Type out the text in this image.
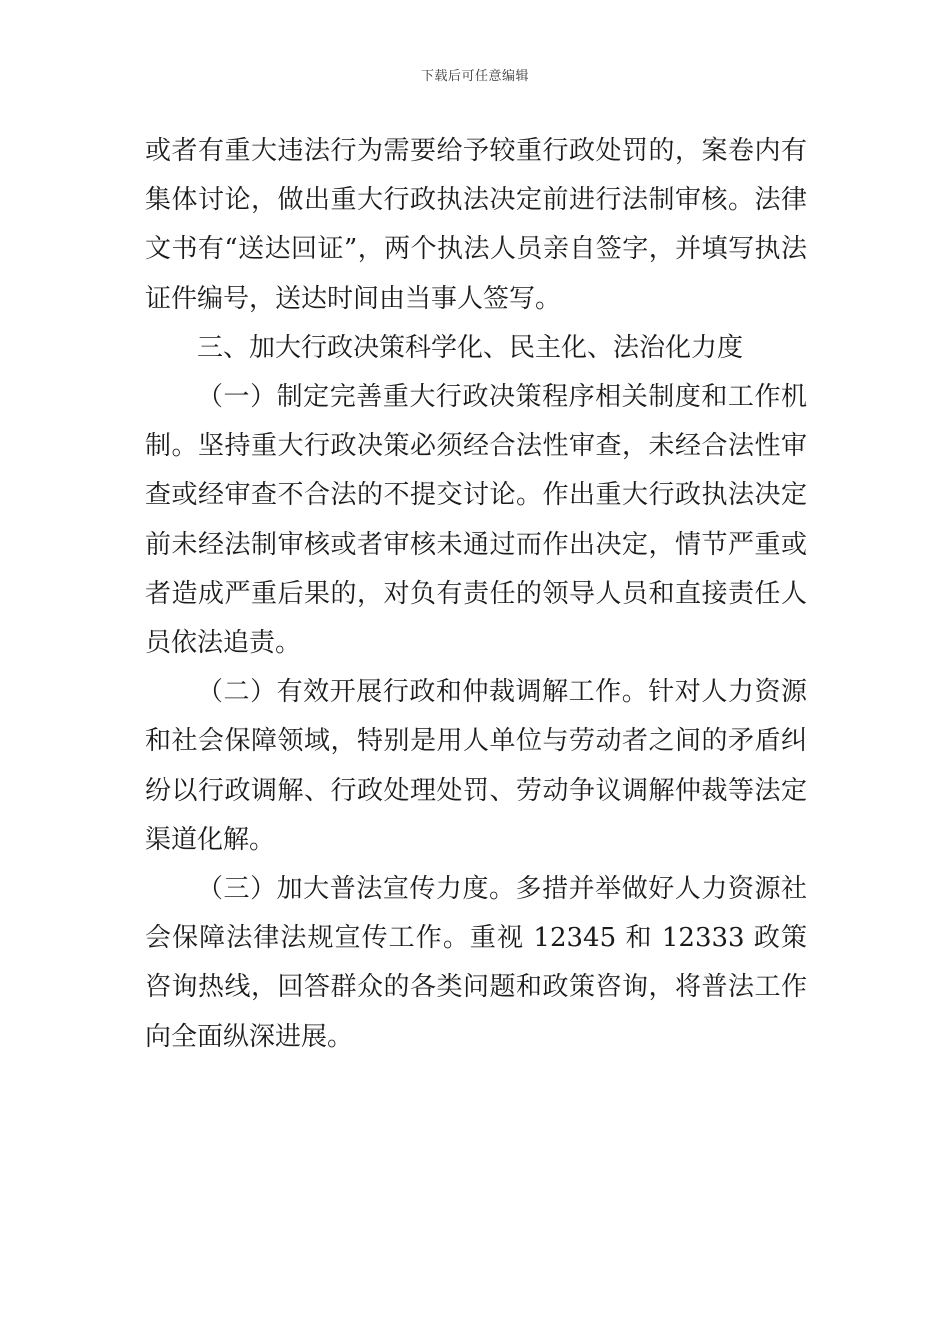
下载后可任意编辑

或者有重大违法行为需要给予较重行政处罚的，案卷内有集体讨论，做出重大行政执法决定前进行法制审核。法律文书有“送达回证”，两个执法人员亲自签字，并填写执法证件编号，送达时间由当事人签写。

三、加大行政决策科学化、民主化、法治化力度

（一）制定完善重大行政决策程序相关制度和工作机制。坚持重大行政决策必须经合法性审查，未经合法性审查或经审查不合法的不提交讨论。作出重大行政执法决定前未经法制审核或者审核未通过而作出决定，情节严重或者造成严重后果的，对负有责任的领导人员和直接责任人员依法追责。

（二）有效开展行政和仲裁调解工作。针对人力资源和社会保障领域，特别是用人单位与劳动者之间的矛盾纠纷以行政调解、行政处理处罚、劳动争议调解仲裁等法定渠道化解。

（三）加大普法宣传力度。多措并举做好人力资源社会保障法律法规宣传工作。重视 12345 和 12333 政策咨询热线，回答群众的各类问题和政策咨询，将普法工作向全面纵深进展。
